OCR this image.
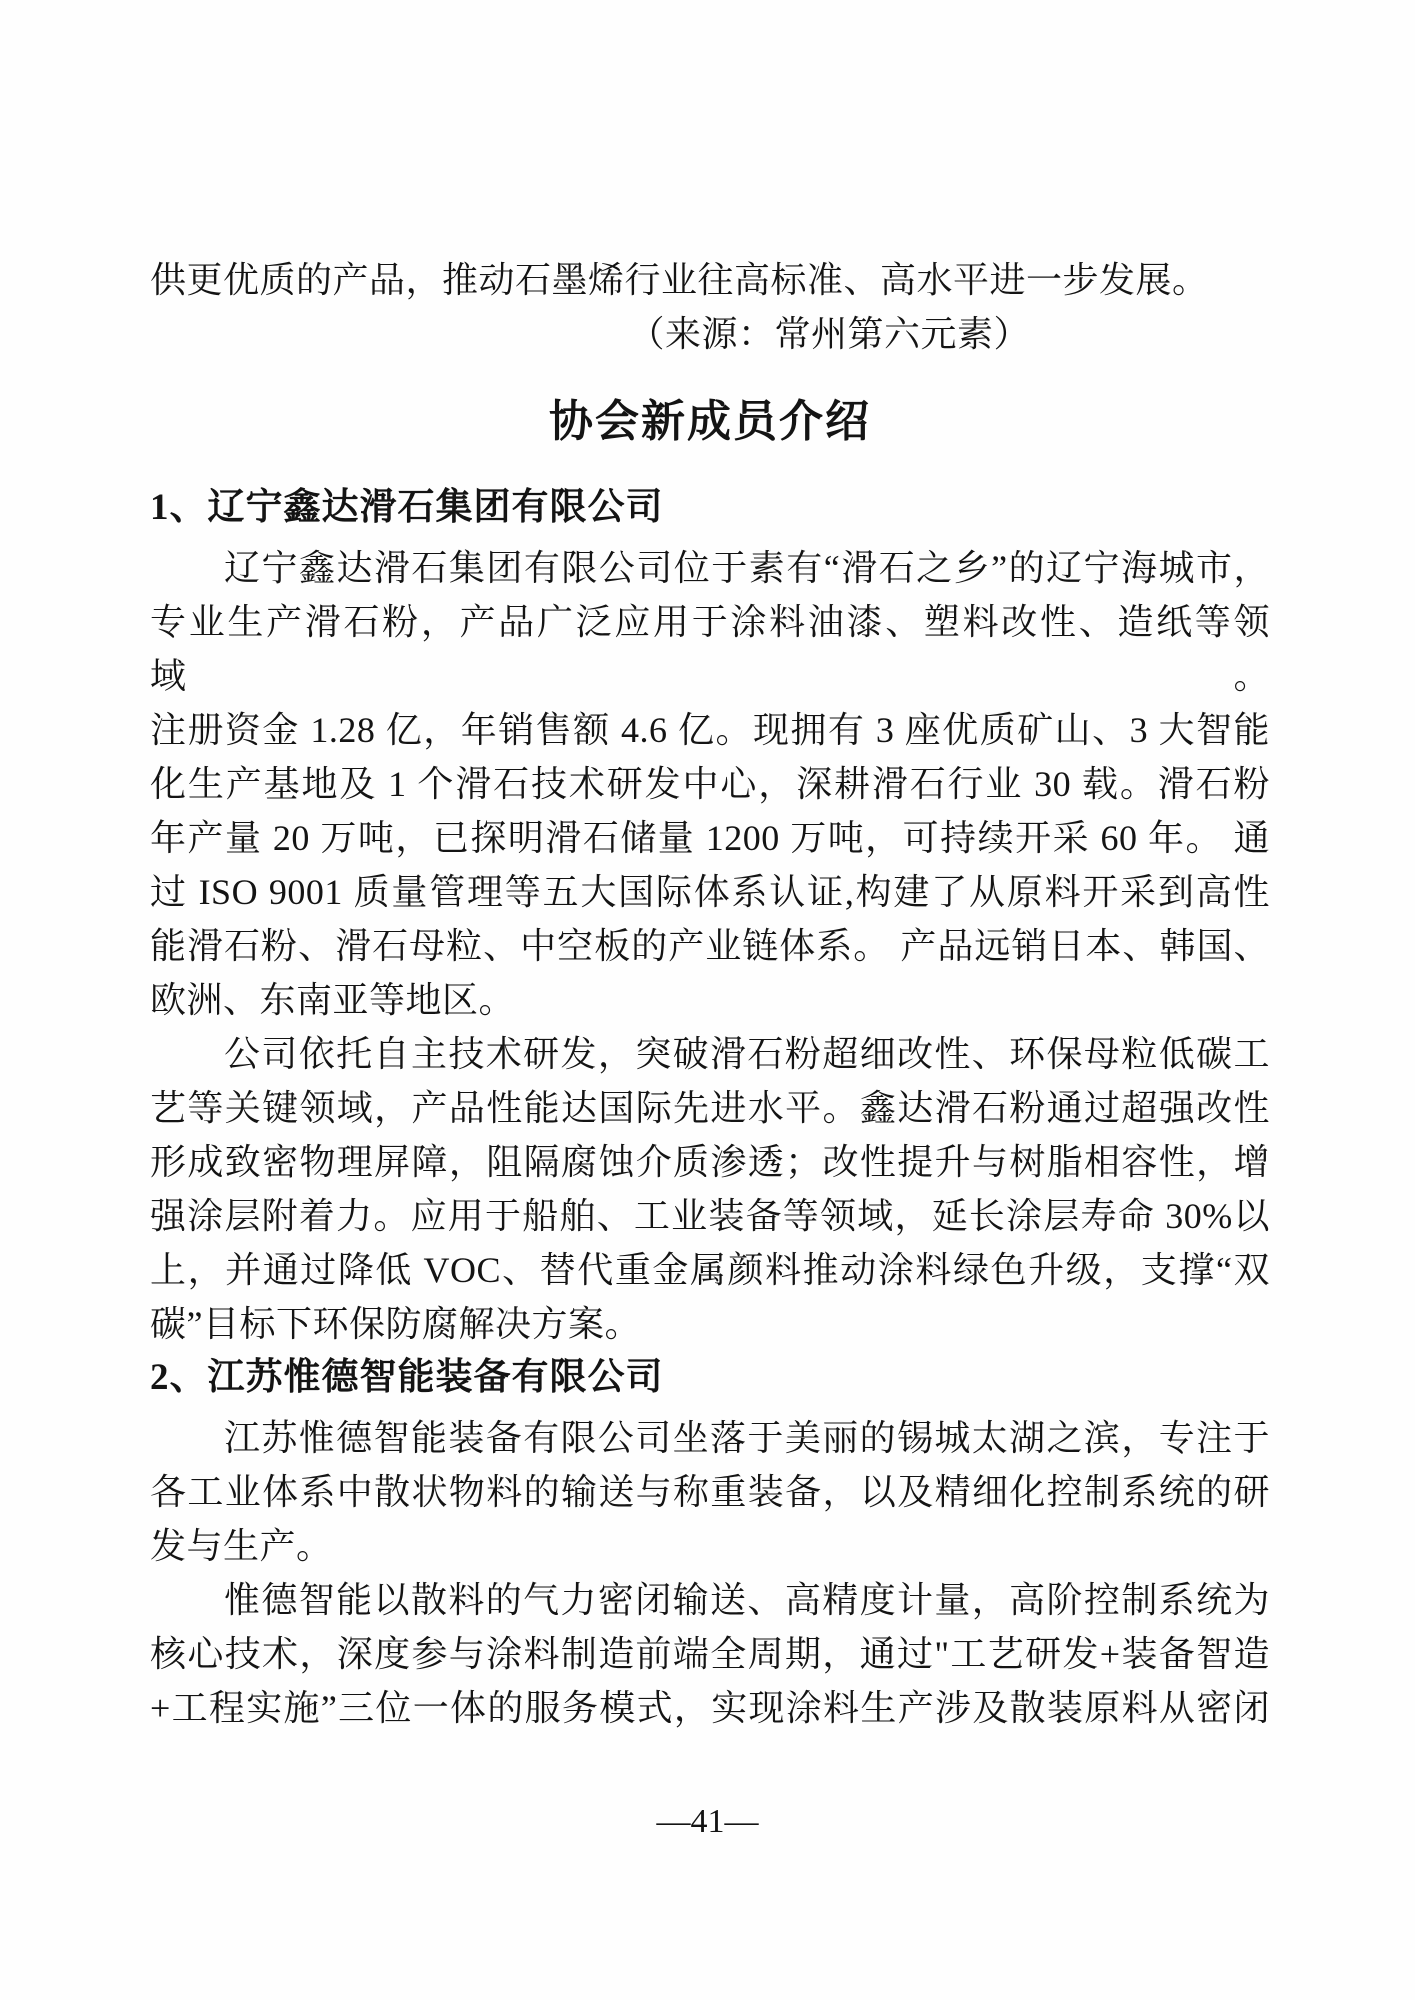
供更优质的产品，推动石墨烯行业往高标准、高水平进一步发展。
（来源：常州第六元素）
协会新成员介绍
1、辽宁鑫达滑石集团有限公司
辽宁鑫达滑石集团有限公司位于素有“滑石之乡”的辽宁海城市，
专业生产滑石粉，产品广泛应用于涂料油漆、塑料改性、造纸等领域。
注册资金 1.28 亿，年销售额 4.6 亿。现拥有 3 座优质矿山、3 大智能
化生产基地及 1 个滑石技术研发中心，深耕滑石行业 30 载。滑石粉
年产量 20 万吨，已探明滑石储量 1200 万吨，可持续开采 60 年。 通
过 ISO 9001 质量管理等五大国际体系认证,构建了从原料开采到高性
能滑石粉、滑石母粒、中空板的产业链体系。 产品远销日本、韩国、
欧洲、东南亚等地区。
公司依托自主技术研发，突破滑石粉超细改性、环保母粒低碳工
艺等关键领域，产品性能达国际先进水平。鑫达滑石粉通过超强改性
形成致密物理屏障，阻隔腐蚀介质渗透；改性提升与树脂相容性，增
强涂层附着力。应用于船舶、工业装备等领域，延长涂层寿命 30%以
上，并通过降低 VOC、替代重金属颜料推动涂料绿色升级，支撑“双
碳”目标下环保防腐解决方案。
2、江苏惟德智能装备有限公司
江苏惟德智能装备有限公司坐落于美丽的锡城太湖之滨，专注于
各工业体系中散状物料的输送与称重装备，以及精细化控制系统的研
发与生产。
惟德智能以散料的气力密闭输送、高精度计量，高阶控制系统为
核心技术，深度参与涂料制造前端全周期，通过"工艺研发+装备智造
+工程实施”三位一体的服务模式，实现涂料生产涉及散装原料从密闭
—41—
